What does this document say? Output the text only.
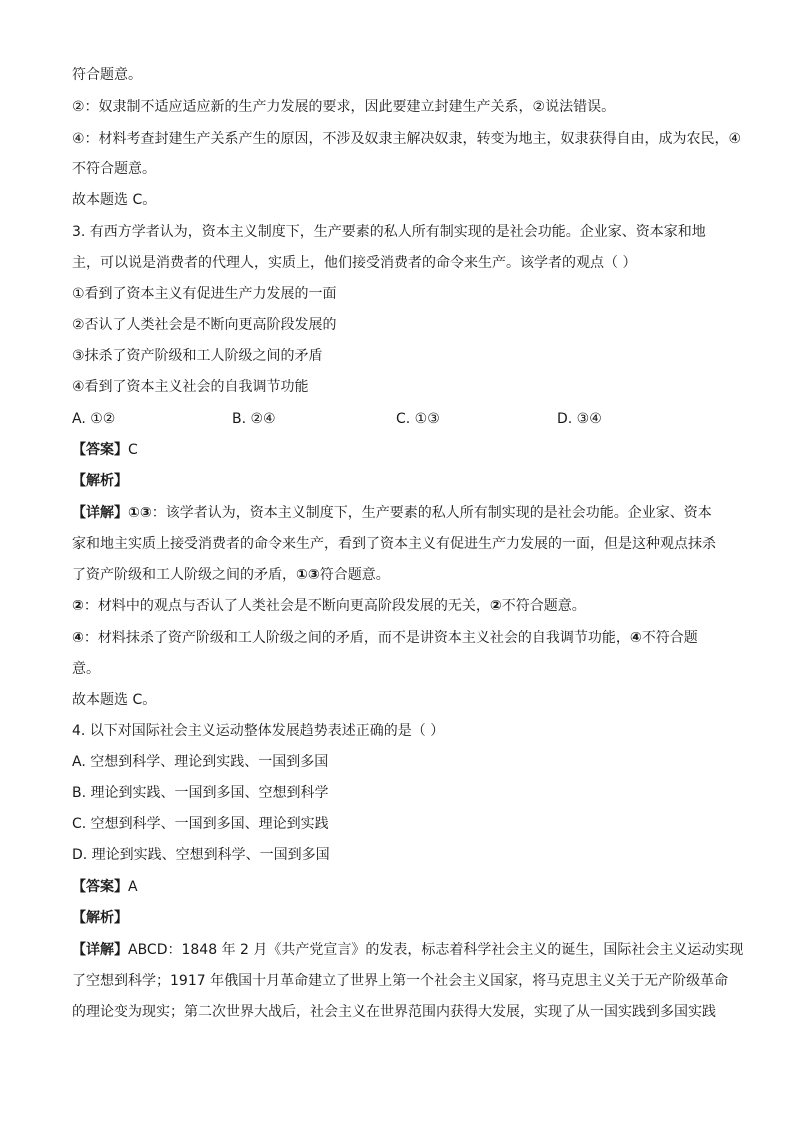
符合题意。
②：奴隶制不适应适应新的生产力发展的要求，因此要建立封建生产关系，②说法错误。
④：材料考查封建生产关系产生的原因，不涉及奴隶主解决奴隶，转变为地主，奴隶获得自由，成为农民，④
不符合题意。
故本题选 C。
3. 有西方学者认为，资本主义制度下，生产要素的私人所有制实现的是社会功能。企业家、资本家和地
主，可以说是消费者的代理人，实质上，他们接受消费者的命令来生产。该学者的观点（ ）
①看到了资本主义有促进生产力发展的一面
②否认了人类社会是不断向更高阶段发展的
③抹杀了资产阶级和工人阶级之间的矛盾
④看到了资本主义社会的自我调节功能
A. ①②	B. ②④	C. ①③	D. ③④
【答案】C
【解析】
【详解】①③：该学者认为，资本主义制度下，生产要素的私人所有制实现的是社会功能。企业家、资本
家和地主实质上接受消费者的命令来生产，看到了资本主义有促进生产力发展的一面，但是这种观点抹杀
了资产阶级和工人阶级之间的矛盾，①③符合题意。
②：材料中的观点与否认了人类社会是不断向更高阶段发展的无关，②不符合题意。
④：材料抹杀了资产阶级和工人阶级之间的矛盾，而不是讲资本主义社会的自我调节功能，④不符合题
意。
故本题选 C。
4. 以下对国际社会主义运动整体发展趋势表述正确的是（ ）
A. 空想到科学、理论到实践、一国到多国
B. 理论到实践、一国到多国、空想到科学
C. 空想到科学、一国到多国、理论到实践
D. 理论到实践、空想到科学、一国到多国
【答案】A
【解析】
【详解】ABCD：1848 年 2 月《共产党宣言》的发表，标志着科学社会主义的诞生，国际社会主义运动实现
了空想到科学；1917 年俄国十月革命建立了世界上第一个社会主义国家，将马克思主义关于无产阶级革命
的理论变为现实；第二次世界大战后，社会主义在世界范围内获得大发展，实现了从一国实践到多国实践
